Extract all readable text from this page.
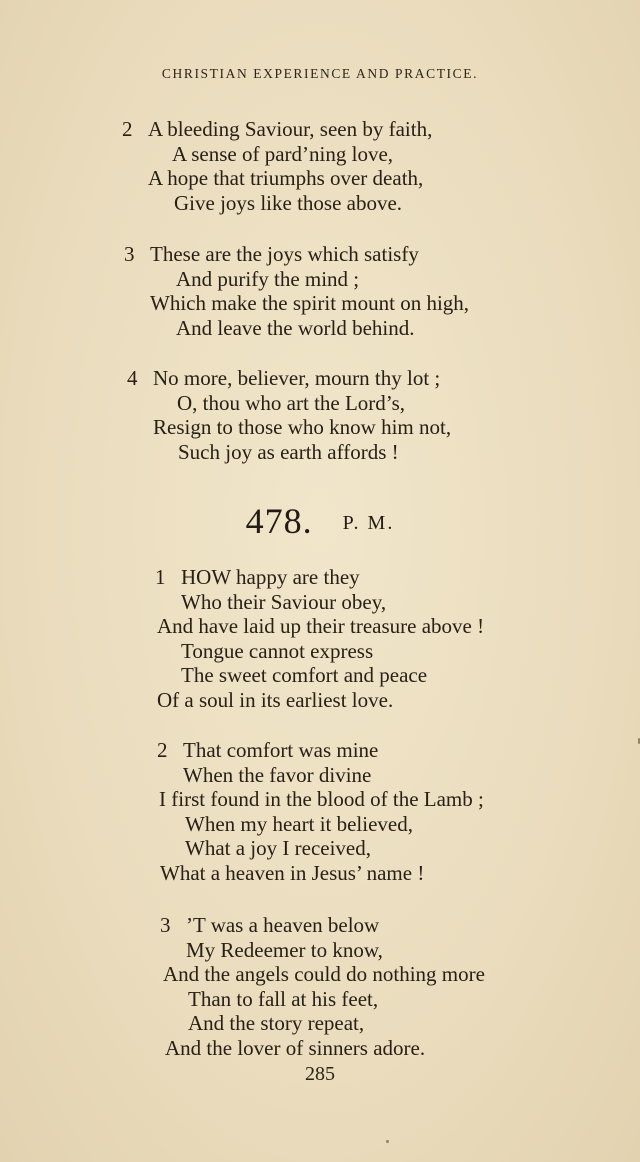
CHRISTIAN EXPERIENCE AND PRACTICE.
2 A bleeding Saviour, seen by faith,
A sense of pard’ning love,
A hope that triumphs over death,
Give joys like those above.
3 These are the joys which satisfy
And purify the mind ;
Which make the spirit mount on high,
And leave the world behind.
4 No more, believer, mourn thy lot ;
O, thou who art the Lord’s,
Resign to those who know him not,
Such joy as earth affords !
478. P. M.
1 HOW happy are they
Who their Saviour obey,
And have laid up their treasure above !
Tongue cannot express
The sweet comfort and peace
Of a soul in its earliest love.
2 That comfort was mine
When the favor divine
I first found in the blood of the Lamb ;
When my heart it believed,
What a joy I received,
What a heaven in Jesus’ name !
3 ’T was a heaven below
My Redeemer to know,
And the angels could do nothing more
Than to fall at his feet,
And the story repeat,
And the lover of sinners adore.
285
